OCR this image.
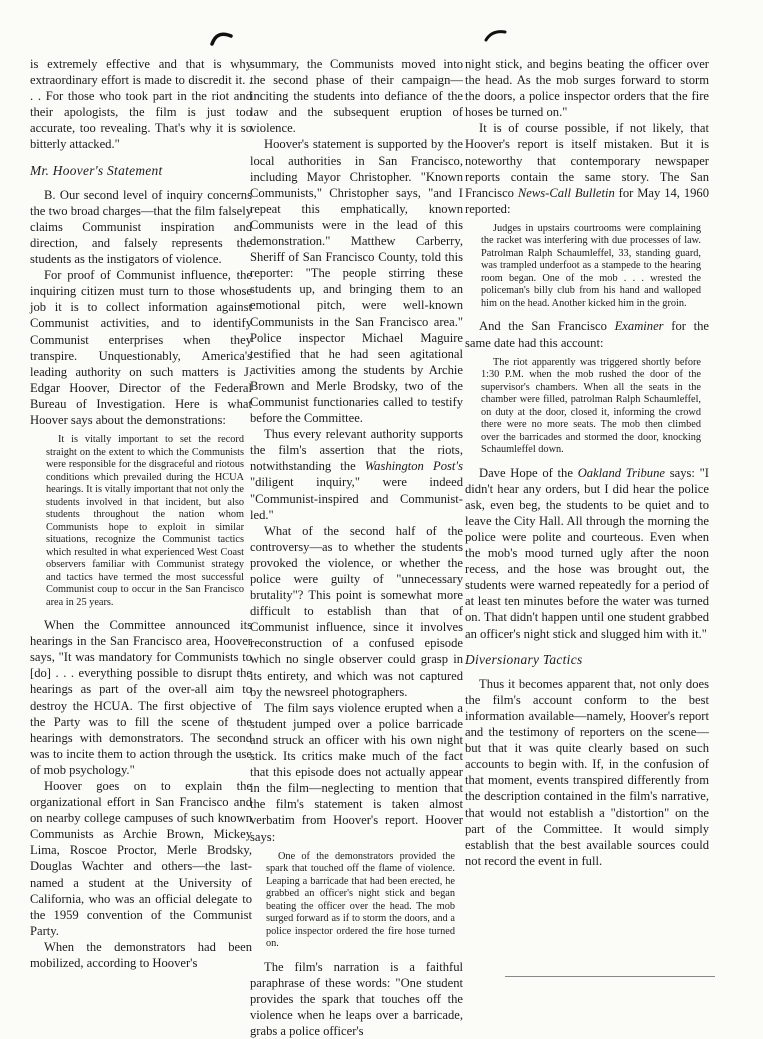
is extremely effective and that is why extraordinary effort is made to discredit it. . . . For those who took part in the riot and their apologists, the film is just too accurate, too revealing. That's why it is so bitterly attacked."

Mr. Hoover's Statement

B. Our second level of inquiry concerns the two broad charges—that the film falsely claims Communist inspiration and direction, and falsely represents the students as the instigators of violence.

For proof of Communist influence, the inquiring citizen must turn to those whose job it is to collect information against Communist activities, and to identify Communist enterprises when they transpire. Unquestionably, America's leading authority on such matters is J. Edgar Hoover, Director of the Federal Bureau of Investigation. Here is what Hoover says about the demonstrations:

It is vitally important to set the record straight on the extent to which the Communists were responsible for the disgraceful and riotous conditions which prevailed during the HCUA hearings. It is vitally important that not only the students involved in that incident, but also students throughout the nation whom Communists hope to exploit in similar situations, recognize the Communist tactics which resulted in what experienced West Coast observers familiar with Communist strategy and tactics have termed the most successful Communist coup to occur in the San Francisco area in 25 years.

When the Committee announced its hearings in the San Francisco area, Hoover says, "It was mandatory for Communists to [do] . . . everything possible to disrupt the hearings as part of the over-all aim to destroy the HCUA. The first objective of the Party was to fill the scene of the hearings with demonstrators. The second was to incite them to action through the use of mob psychology."

Hoover goes on to explain the organizational effort in San Francisco and on nearby college campuses of such known Communists as Archie Brown, Mickey Lima, Roscoe Proctor, Merle Brodsky, Douglas Wachter and others—the last-named a student at the University of California, who was an official delegate to the 1959 convention of the Communist Party.

When the demonstrators had been mobilized, according to Hoover's

summary, the Communists moved into the second phase of their campaign—inciting the students into defiance of the law and the subsequent eruption of violence.

Hoover's statement is supported by the local authorities in San Francisco, including Mayor Christopher. "Known Communists," Christopher says, "and I repeat this emphatically, known Communists were in the lead of this demonstration." Matthew Carberry, Sheriff of San Francisco County, told this reporter: "The people stirring these students up, and bringing them to an emotional pitch, were well-known Communists in the San Francisco area." Police inspector Michael Maguire testified that he had seen agitational activities among the students by Archie Brown and Merle Brodsky, two of the Communist functionaries called to testify before the Committee.

Thus every relevant authority supports the film's assertion that the riots, notwithstanding the Washington Post's "diligent inquiry," were indeed "Communist-inspired and Communist-led."

What of the second half of the controversy—as to whether the students provoked the violence, or whether the police were guilty of "unnecessary brutality"? This point is somewhat more difficult to establish than that of Communist influence, since it involves reconstruction of a confused episode which no single observer could grasp in its entirety, and which was not captured by the newsreel photographers.

The film says violence erupted when a student jumped over a police barricade and struck an officer with his own night stick. Its critics make much of the fact that this episode does not actually appear in the film—neglecting to mention that the film's statement is taken almost verbatim from Hoover's report. Hoover says:

One of the demonstrators provided the spark that touched off the flame of violence. Leaping a barricade that had been erected, he grabbed an officer's night stick and began beating the officer over the head. The mob surged forward as if to storm the doors, and a police inspector ordered the fire hose turned on.

The film's narration is a faithful paraphrase of these words: "One student provides the spark that touches off the violence when he leaps over a barricade, grabs a police officer's

night stick, and begins beating the officer over the head. As the mob surges forward to storm the doors, a police inspector orders that the fire hoses be turned on."

It is of course possible, if not likely, that Hoover's report is itself mistaken. But it is noteworthy that contemporary newspaper reports contain the same story. The San Francisco News-Call Bulletin for May 14, 1960 reported:

Judges in upstairs courtrooms were complaining the racket was interfering with due processes of law. Patrolman Ralph Schaumleffel, 33, standing guard, was trampled underfoot as a stampede to the hearing room began. One of the mob . . . wrested the policeman's billy club from his hand and walloped him on the head. Another kicked him in the groin.

And the San Francisco Examiner for the same date had this account:

The riot apparently was triggered shortly before 1:30 P.M. when the mob rushed the door of the supervisor's chambers. When all the seats in the chamber were filled, patrolman Ralph Schaumleffel, on duty at the door, closed it, informing the crowd there were no more seats. The mob then climbed over the barricades and stormed the door, knocking Schaumleffel down.

Dave Hope of the Oakland Tribune says: "I didn't hear any orders, but I did hear the police ask, even beg, the students to be quiet and to leave the City Hall. All through the morning the police were polite and courteous. Even when the mob's mood turned ugly after the noon recess, and the hose was brought out, the students were warned repeatedly for a period of at least ten minutes before the water was turned on. That didn't happen until one student grabbed an officer's night stick and slugged him with it."

Diversionary Tactics

Thus it becomes apparent that, not only does the film's account conform to the best information available—namely, Hoover's report and the testimony of reporters on the scene—but that it was quite clearly based on such accounts to begin with. If, in the confusion of that moment, events transpired differently from the description contained in the film's narrative, that would not establish a "distortion" on the part of the Committee. It would simply establish that the best available sources could not record the event in full.
